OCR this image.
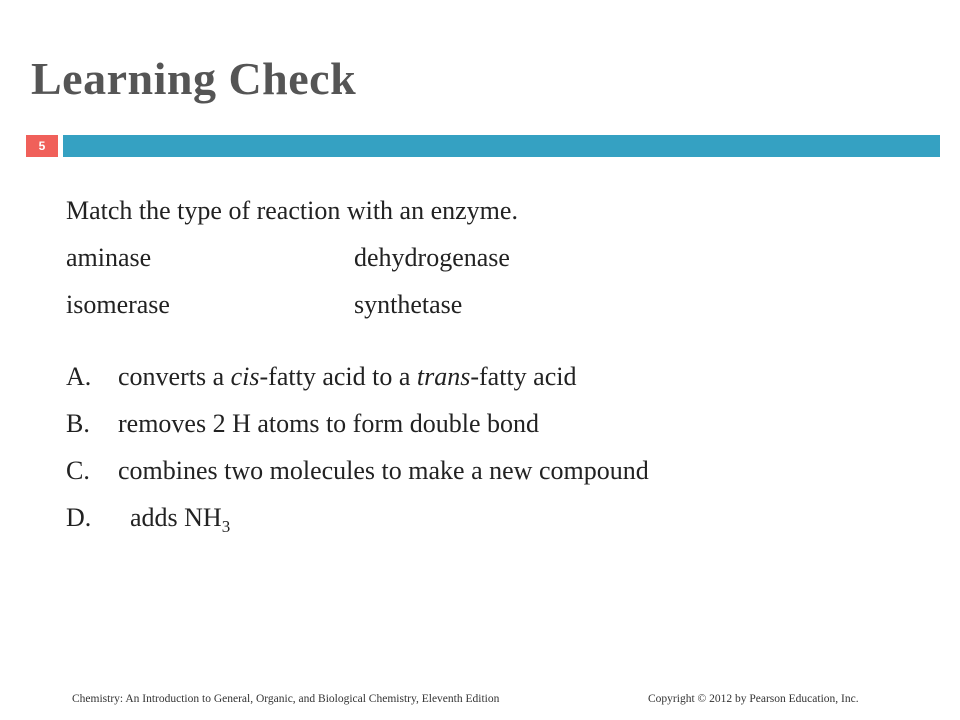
Learning Check
5
Match the type of reaction with an enzyme.
aminase	dehydrogenase
isomerase	synthetase
A. converts a cis-fatty acid to a trans-fatty acid
B. removes 2 H atoms to form double bond
C. combines two molecules to make a new compound
D. adds $NH_3$
Chemistry: An Introduction to General, Organic, and Biological Chemistry, Eleventh Edition	Copyright © 2012 by Pearson Education, Inc.
